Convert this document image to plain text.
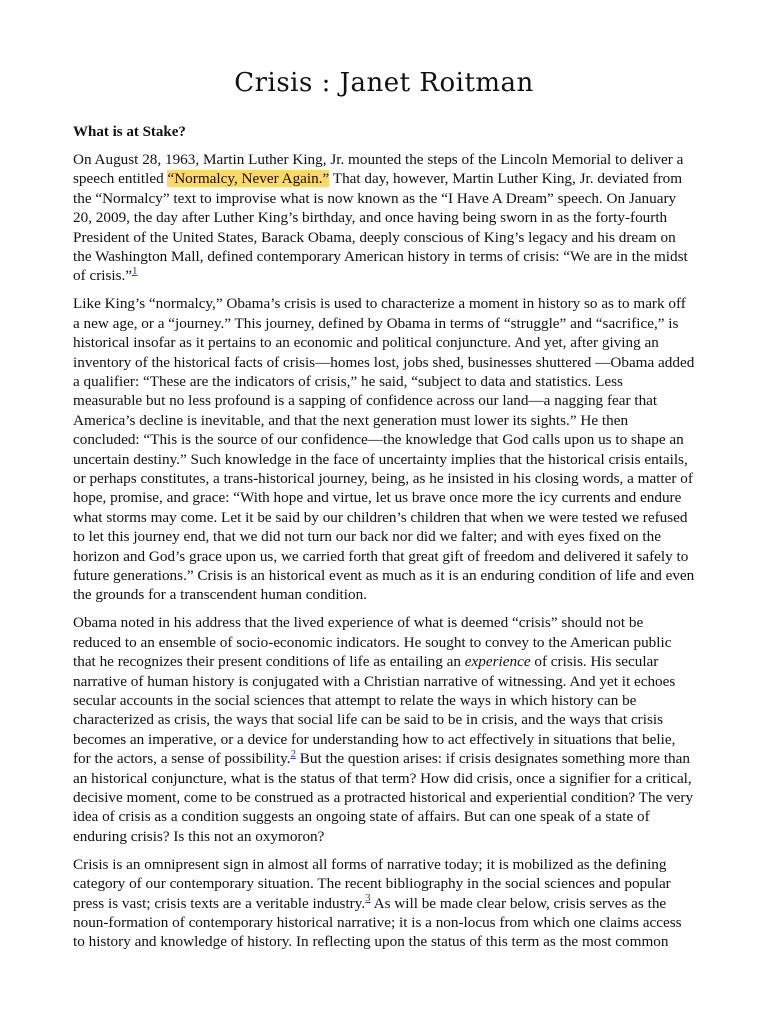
Crisis : Janet Roitman
What is at Stake?

On August 28, 1963, Martin Luther King, Jr. mounted the steps of the Lincoln Memorial to deliver a speech entitled “Normalcy, Never Again.” That day, however, Martin Luther King, Jr. deviated from the “Normalcy” text to improvise what is now known as the “I Have A Dream” speech. On January 20, 2009, the day after Luther King’s birthday, and once having being sworn in as the forty-fourth President of the United States, Barack Obama, deeply conscious of King’s legacy and his dream on the Washington Mall, defined contemporary American history in terms of crisis: “We are in the midst of crisis.”$^1$

Like King’s “normalcy,” Obama’s crisis is used to characterize a moment in history so as to mark off a new age, or a “journey.” This journey, defined by Obama in terms of “struggle” and “sacrifice,” is historical insofar as it pertains to an economic and political conjuncture. And yet, after giving an inventory of the historical facts of crisis—homes lost, jobs shed, businesses shuttered —Obama added a qualifier: “These are the indicators of crisis,” he said, “subject to data and statistics. Less measurable but no less profound is a sapping of confidence across our land—a nagging fear that America’s decline is inevitable, and that the next generation must lower its sights.” He then concluded: “This is the source of our confidence—the knowledge that God calls upon us to shape an uncertain destiny.” Such knowledge in the face of uncertainty implies that the historical crisis entails, or perhaps constitutes, a trans-historical journey, being, as he insisted in his closing words, a matter of hope, promise, and grace: “With hope and virtue, let us brave once more the icy currents and endure what storms may come. Let it be said by our children’s children that when we were tested we refused to let this journey end, that we did not turn our back nor did we falter; and with eyes fixed on the horizon and God’s grace upon us, we carried forth that great gift of freedom and delivered it safely to future generations.” Crisis is an historical event as much as it is an enduring condition of life and even the grounds for a transcendent human condition.

Obama noted in his address that the lived experience of what is deemed “crisis” should not be reduced to an ensemble of socio-economic indicators. He sought to convey to the American public that he recognizes their present conditions of life as entailing an experience of crisis. His secular narrative of human history is conjugated with a Christian narrative of witnessing. And yet it echoes secular accounts in the social sciences that attempt to relate the ways in which history can be characterized as crisis, the ways that social life can be said to be in crisis, and the ways that crisis becomes an imperative, or a device for understanding how to act effectively in situations that belie, for the actors, a sense of possibility.$^2$ But the question arises: if crisis designates something more than an historical conjuncture, what is the status of that term? How did crisis, once a signifier for a critical, decisive moment, come to be construed as a protracted historical and experiential condition? The very idea of crisis as a condition suggests an ongoing state of affairs. But can one speak of a state of enduring crisis? Is this not an oxymoron?

Crisis is an omnipresent sign in almost all forms of narrative today; it is mobilized as the defining category of our contemporary situation. The recent bibliography in the social sciences and popular press is vast; crisis texts are a veritable industry.$^3$ As will be made clear below, crisis serves as the noun-formation of contemporary historical narrative; it is a non-locus from which one claims access to history and knowledge of history. In reflecting upon the status of this term as the most common
